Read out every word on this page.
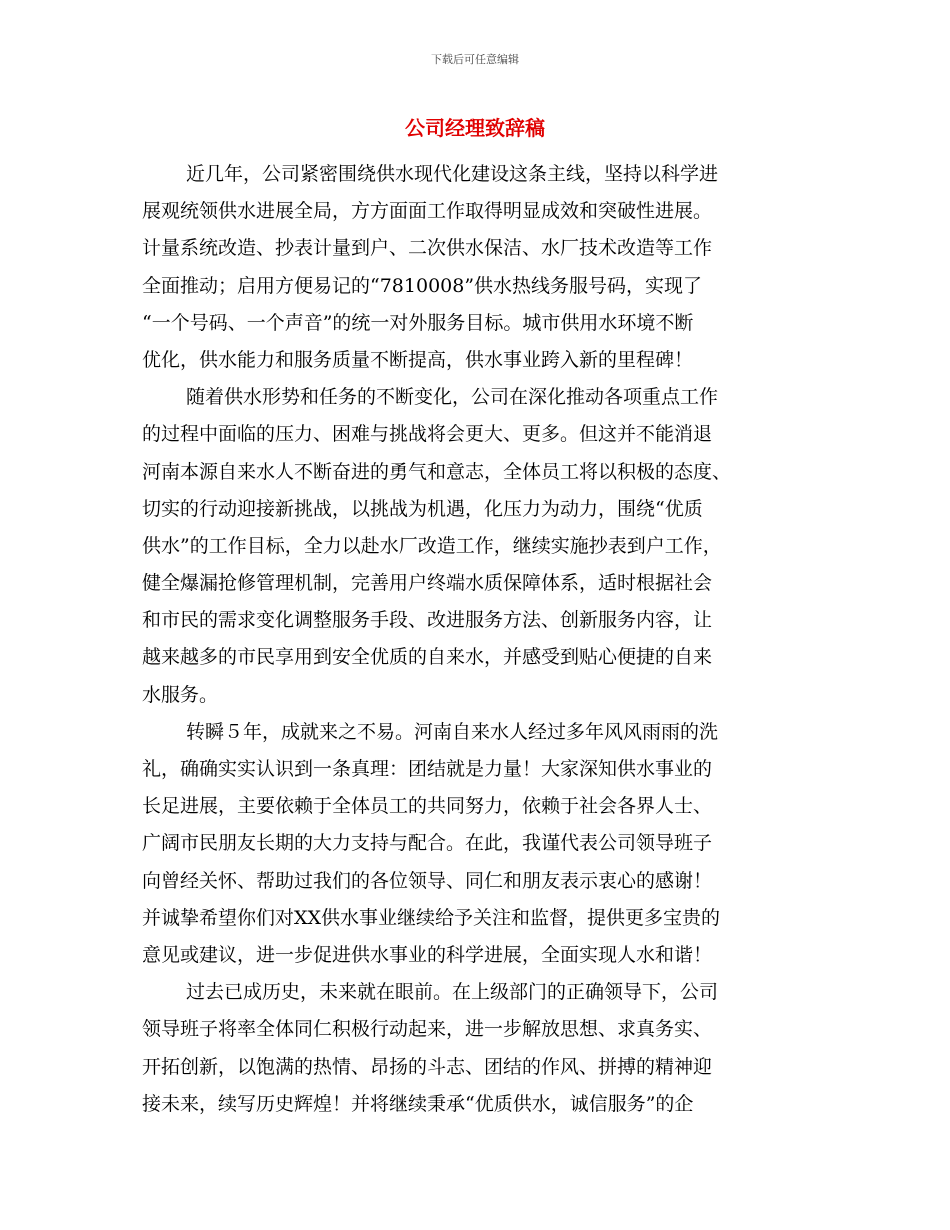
下载后可任意编辑
公司经理致辞稿
近几年，公司紧密围绕供水现代化建设这条主线，坚持以科学进
展观统领供水进展全局，方方面面工作取得明显成效和突破性进展。
计量系统改造、抄表计量到户、二次供水保洁、水厂技术改造等工作
全面推动；启用方便易记的“7810008”供水热线务服号码，实现了
“一个号码、一个声音”的统一对外服务目标。城市供用水环境不断
优化，供水能力和服务质量不断提高，供水事业跨入新的里程碑！
随着供水形势和任务的不断变化，公司在深化推动各项重点工作
的过程中面临的压力、困难与挑战将会更大、更多。但这并不能消退
河南本源自来水人不断奋进的勇气和意志，全体员工将以积极的态度、
切实的行动迎接新挑战，以挑战为机遇，化压力为动力，围绕“优质
供水”的工作目标，全力以赴水厂改造工作，继续实施抄表到户工作，
健全爆漏抢修管理机制，完善用户终端水质保障体系，适时根据社会
和市民的需求变化调整服务手段、改进服务方法、创新服务内容，让
越来越多的市民享用到安全优质的自来水，并感受到贴心便捷的自来
水服务。
转瞬５年，成就来之不易。河南自来水人经过多年风风雨雨的洗
礼，确确实实认识到一条真理：团结就是力量！大家深知供水事业的
长足进展，主要依赖于全体员工的共同努力，依赖于社会各界人士、
广阔市民朋友长期的大力支持与配合。在此，我谨代表公司领导班子
向曾经关怀、帮助过我们的各位领导、同仁和朋友表示衷心的感谢！
并诚挚希望你们对XX供水事业继续给予关注和监督，提供更多宝贵的
意见或建议，进一步促进供水事业的科学进展，全面实现人水和谐！
过去已成历史，未来就在眼前。在上级部门的正确领导下，公司
领导班子将率全体同仁积极行动起来，进一步解放思想、求真务实、
开拓创新，以饱满的热情、昂扬的斗志、团结的作风、拼搏的精神迎
接未来，续写历史辉煌！并将继续秉承“优质供水，诚信服务”的企
